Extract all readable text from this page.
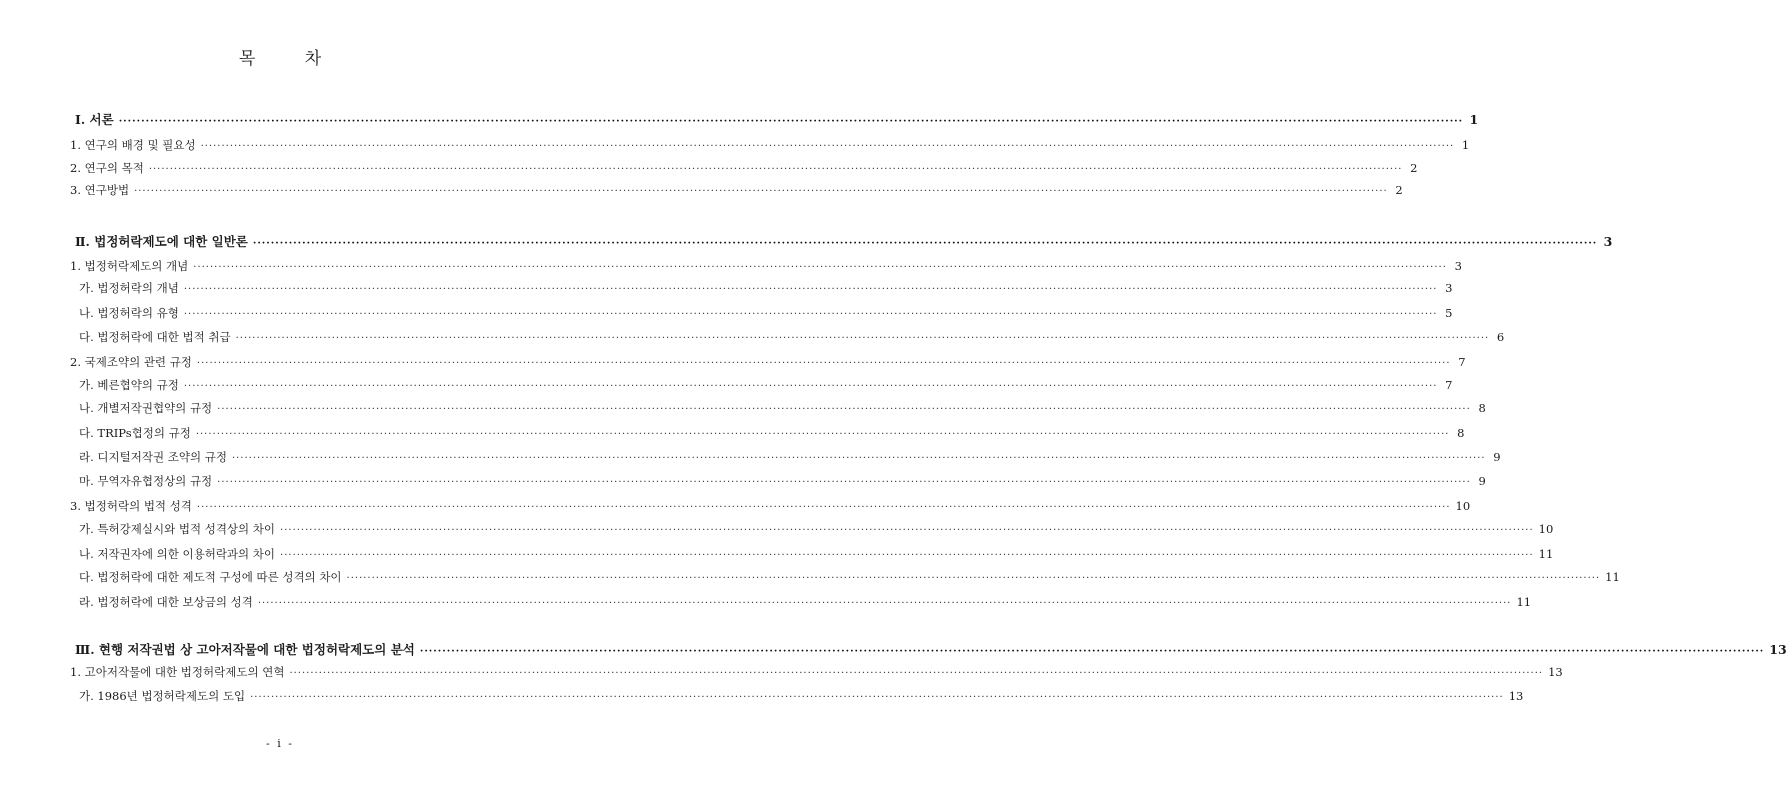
목 차
Ⅰ. 서론 ············································································································································································································································································································ 1
1. 연구의 배경 및 필요성 ············································································································································································································································································································ 1
2. 연구의 목적 ············································································································································································································································································································ 2
3. 연구방법 ············································································································································································································································································································ 2
Ⅱ. 법정허락제도에 대한 일반론 ············································································································································································································································································································ 3
1. 법정허락제도의 개념 ············································································································································································································································································································ 3
가. 법정허락의 개념 ············································································································································································································································································································ 3
나. 법정허락의 유형 ············································································································································································································································································································ 5
다. 법정허락에 대한 법적 취급 ············································································································································································································································································································ 6
2. 국제조약의 관련 규정 ············································································································································································································································································································ 7
가. 베른협약의 규정 ············································································································································································································································································································ 7
나. 개별저작권협약의 규정 ············································································································································································································································································································ 8
다. TRIPs협정의 규정 ············································································································································································································································································································ 8
라. 디지털저작권 조약의 규정 ············································································································································································································································································································ 9
마. 무역자유협정상의 규정 ············································································································································································································································································································ 9
3. 법정허락의 법적 성격 ············································································································································································································································································································ 10
가. 특허강제실시와 법적 성격상의 차이 ············································································································································································································································································································ 10
나. 저작권자에 의한 이용허락과의 차이 ············································································································································································································································································································ 11
다. 법정허락에 대한 제도적 구성에 따른 성격의 차이 ············································································································································································································································································································ 11
라. 법정허락에 대한 보상금의 성격 ············································································································································································································································································································ 11
Ⅲ. 현행 저작권법 상 고아저작물에 대한 법정허락제도의 분석 ············································································································································································································································································································ 13
1. 고아저작물에 대한 법정허락제도의 연혁 ············································································································································································································································································································ 13
가. 1986년 법정허락제도의 도입 ············································································································································································································································································································ 13
- i -
